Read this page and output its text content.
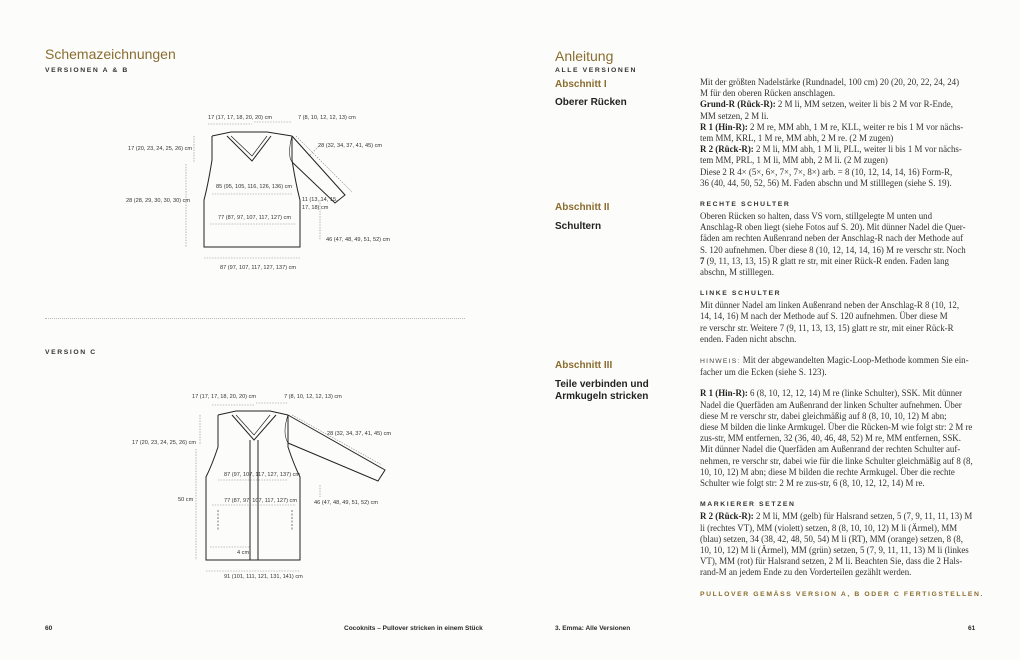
Schemazeichnungen
VERSIONEN A & B
17 (17, 17, 18, 20, 20) cm	7 (8, 10, 12, 12, 13) cm
17 (20, 23, 24, 25, 26) cm	28 (32, 34, 37, 41, 45) cm
85 (95, 105, 116, 126, 136) cm
28 (28, 29, 30, 30, 30) cm	11 (13, 14, 15,
17, 18) cm
77 (87, 97, 107, 117, 127) cm
46 (47, 48, 49, 51, 52) cm
87 (97, 107, 117, 127, 137) cm
VERSION C
17 (17, 17, 18, 20, 20) cm	7 (8, 10, 12, 12, 13) cm
17 (20, 23, 24, 25, 26) cm
28 (32, 34, 37, 41, 45) cm
87 (97, 107, 117, 127, 137) cm
50 cm	77 (87, 97, 107, 117, 127) cm	46 (47, 48, 49, 51, 52) cm
4 cm
91 (101, 111, 121, 131, 141) cm
60	Cocoknits – Pullover stricken in einem Stück
Anleitung
ALLE VERSIONEN
Abschnitt I
Oberer Rücken
Abschnitt II
Schultern
Abschnitt III
Teile verbinden und
Armkugeln stricken

Mit der größten Nadelstärke (Rundnadel, 100 cm) 20 (20, 20, 22, 24, 24)

M für den oberen Rücken anschlagen.

Grund-R (Rück-R): 2 M li, MM setzen, weiter li bis 2 M vor R-Ende,

MM setzen, 2 M li.

R 1 (Hin-R): 2 M re, MM abh, 1 M re, KLL, weiter re bis 1 M vor nächs-

tem MM, KRL, 1 M re, MM abh, 2 M re. (2 M zugen)

R 2 (Rück-R): 2 M li, MM abh, 1 M li, PLL, weiter li bis 1 M vor nächs-

tem MM, PRL, 1 M li, MM abh, 2 M li. (2 M zugen)

Diese 2 R 4× (5×, 6×, 7×, 7×, 8×) arb. = 8 (10, 12, 14, 14, 16) Form-R,

36 (40, 44, 50, 52, 56) M. Faden abschn und M stilllegen (siehe S. 19).

RECHTE SCHULTER

Oberen Rücken so halten, dass VS vorn, stillgelegte M unten und

Anschlag-R oben liegt (siehe Fotos auf S. 20). Mit dünner Nadel die Quer-

fäden am rechten Außenrand neben der Anschlag-R nach der Methode auf

S. 120 aufnehmen. Über diese 8 (10, 12, 14, 14, 16) M re verschr str. Noch

7 (9, 11, 13, 13, 15) R glatt re str, mit einer Rück-R enden. Faden lang

abschn, M stilllegen.

LINKE SCHULTER

Mit dünner Nadel am linken Außenrand neben der Anschlag-R 8 (10, 12,

14, 14, 16) M nach der Methode auf S. 120 aufnehmen. Über diese M

re verschr str. Weitere 7 (9, 11, 13, 13, 15) glatt re str, mit einer Rück-R

enden. Faden nicht abschn.

HINWEIS: Mit der abgewandelten Magic-Loop-Methode kommen Sie ein-

facher um die Ecken (siehe S. 123).

R 1 (Hin-R): 6 (8, 10, 12, 12, 14) M re (linke Schulter), SSK. Mit dünner

Nadel die Querfäden am Außenrand der linken Schulter aufnehmen. Über

diese M re verschr str, dabei gleichmäßig auf 8 (8, 10, 10, 12) M abn;

diese M bilden die linke Armkugel. Über die Rücken-M wie folgt str: 2 M re

zus-str, MM entfernen, 32 (36, 40, 46, 48, 52) M re, MM entfernen, SSK.

Mit dünner Nadel die Querfäden am Außenrand der rechten Schulter auf-

nehmen, re verschr str, dabei wie für die linke Schulter gleichmäßig auf 8 (8,

10, 10, 12) M abn; diese M bilden die rechte Armkugel. Über die rechte

Schulter wie folgt str: 2 M re zus-str, 6 (8, 10, 12, 12, 14) M re.

MARKIERER SETZEN

R 2 (Rück-R): 2 M li, MM (gelb) für Halsrand setzen, 5 (7, 9, 11, 11, 13) M

li (rechtes VT), MM (violett) setzen, 8 (8, 10, 10, 12) M li (Ärmel), MM

(blau) setzen, 34 (38, 42, 48, 50, 54) M li (RT), MM (orange) setzen, 8 (8,

10, 10, 12) M li (Ärmel), MM (grün) setzen, 5 (7, 9, 11, 11, 13) M li (linkes

VT), MM (rot) für Halsrand setzen, 2 M li. Beachten Sie, dass die 2 Hals-

rand-M an jedem Ende zu den Vorderteilen gezählt werden.

PULLOVER GEMÄSS VERSION A, B ODER C FERTIGSTELLEN.

3. Emma: Alle Versionen	61
